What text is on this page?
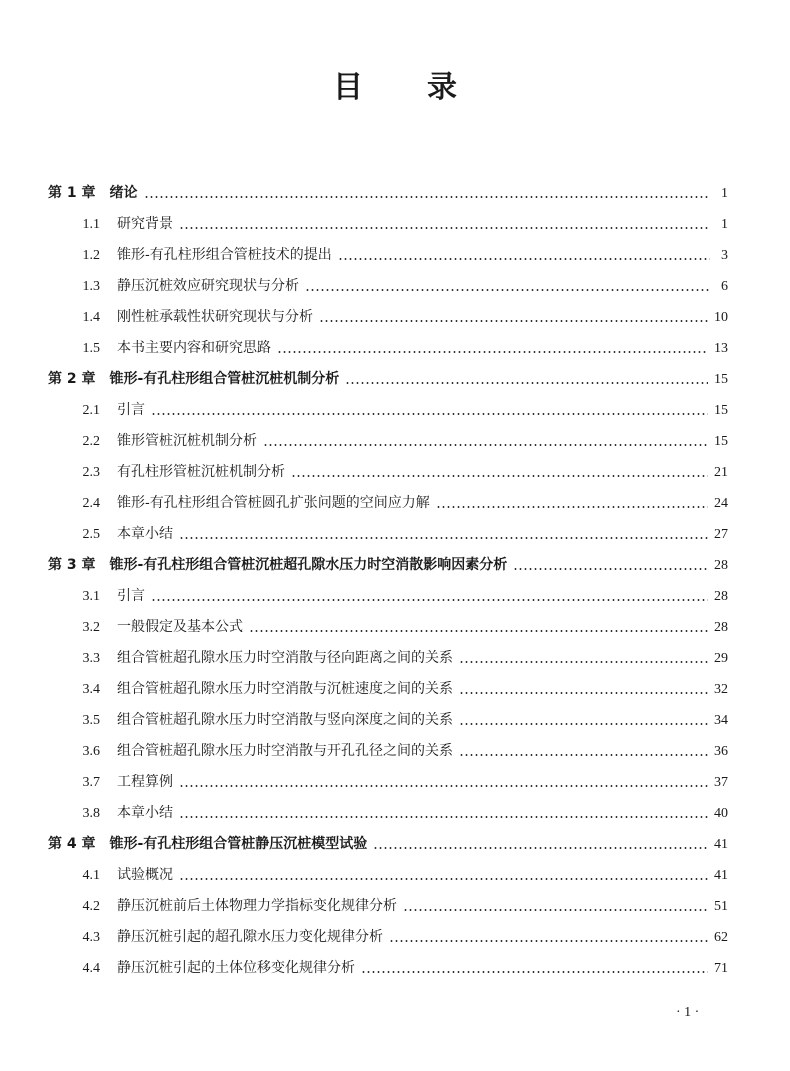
目 录
第 1 章 绪论	1
1.1 研究背景	1
1.2 锥形-有孔柱形组合管桩技术的提出	3
1.3 静压沉桩效应研究现状与分析	6
1.4 刚性桩承载性状研究现状与分析	10
1.5 本书主要内容和研究思路	13
第 2 章 锥形-有孔柱形组合管桩沉桩机制分析	15
2.1 引言	15
2.2 锥形管桩沉桩机制分析	15
2.3 有孔柱形管桩沉桩机制分析	21
2.4 锥形-有孔柱形组合管桩圆孔扩张问题的空间应力解	24
2.5 本章小结	27
第 3 章 锥形-有孔柱形组合管桩沉桩超孔隙水压力时空消散影响因素分析	28
3.1 引言	28
3.2 一般假定及基本公式	28
3.3 组合管桩超孔隙水压力时空消散与径向距离之间的关系	29
3.4 组合管桩超孔隙水压力时空消散与沉桩速度之间的关系	32
3.5 组合管桩超孔隙水压力时空消散与竖向深度之间的关系	34
3.6 组合管桩超孔隙水压力时空消散与开孔孔径之间的关系	36
3.7 工程算例	37
3.8 本章小结	40
第 4 章 锥形-有孔柱形组合管桩静压沉桩模型试验	41
4.1 试验概况	41
4.2 静压沉桩前后土体物理力学指标变化规律分析	51
4.3 静压沉桩引起的超孔隙水压力变化规律分析	62
4.4 静压沉桩引起的土体位移变化规律分析	71
· 1 ·
